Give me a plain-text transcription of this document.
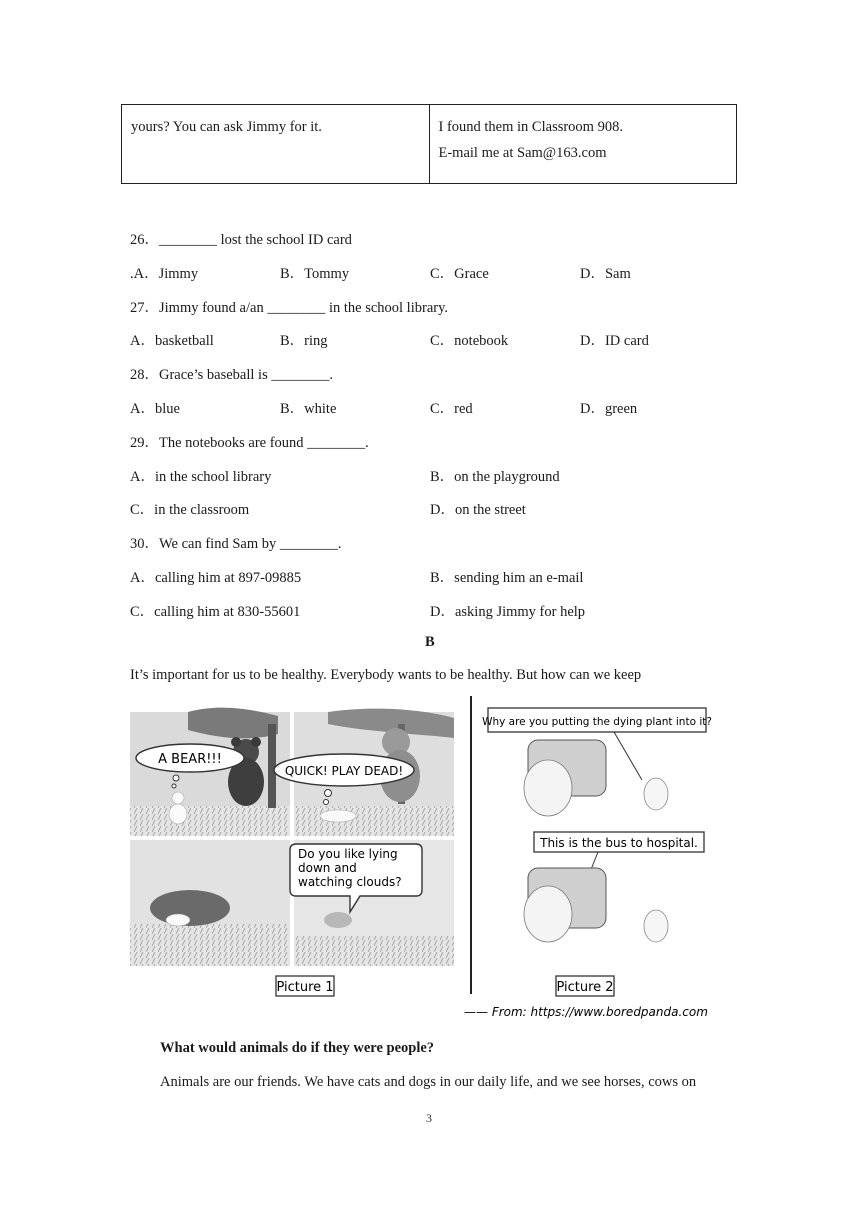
yours? You can ask Jimmy for it.	I found them in Classroom 908.

E-mail me at Sam@163.com

26．________ lost the school ID card
.A．Jimmy	B．Tommy	C．Grace	D．Sam
27．Jimmy found a/an ________ in the school library.
A．basketball	B．ring	C．notebook	D．ID card
28．Grace’s baseball is ________.
A．blue	B．white	C．red	D．green
29．The notebooks are found ________.
A．in the school library	B．on the playground
C．in the classroom	D．on the street
30．We can find Sam by ________.
A．calling him at 897-09885	B．sending him an e-mail
C．calling him at 830-55601	D．asking Jimmy for help
B
It’s important for us to be healthy. Everybody wants to be healthy. But how can we keep
A BEAR!!!
QUICK! PLAY DEAD!
Do you like lying
down and
watching clouds?
Picture 1
Why are you putting the dying plant into it?
This is the bus to hospital.
Picture 2
—— From: https://www.boredpanda.com
What would animals do if they were people?
Animals are our friends. We have cats and dogs in our daily life, and we see horses, cows on
3
